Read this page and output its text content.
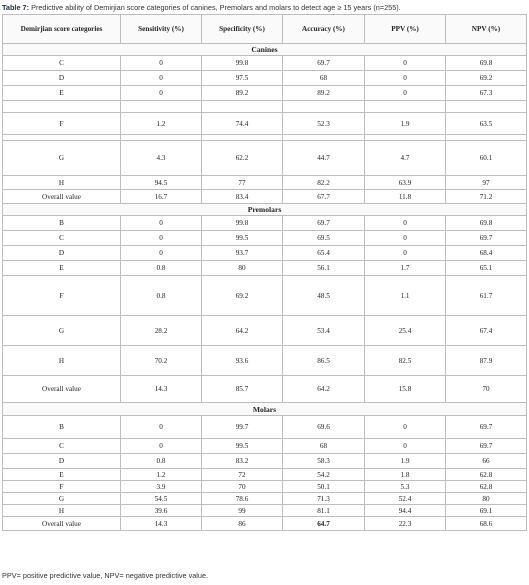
Table 7: Predictive ability of Demirjian score categories of canines, Premolars and molars to detect age ≥ 15 years (n=255).
Demirjian score categories	Sensitivity (%)	Specificity (%)	Accuracy (%)	PPV (%)	NPV (%)
Canines					
C	0	99.8	69.7	0	69.8
D	0	97.5	68	0	69.2
E	0	89.2	89.2	0	67.3

F	1.2	74.4	52.3	1.9	63.5

G	4.3	62.2	44.7	4.7	60.1
H	94.5	77	82.2	63.9	97
Overall value	16.7	83.4	67.7	11.8	71.2
Premolars					
B	0	99.8	69.7	0	69.8
C	0	99.5	69.5	0	69.7
D	0	93.7	65.4	0	68.4
E	0.8	80	56.1	1.7	65.1
F	0.8	69.2	48.5	1.1	61.7
G	28.2	64.2	53.4	25.4	67.4
H	70.2	93.6	86.5	82.5	87.9
Overall value	14.3	85.7	64.2	15.8	70
Molars					
B	0	99.7	69.6	0	69.7
C	0	99.5	68	0	69.7
D	0.8	83.2	58.3	1.9	66
E	1.2	72	54.2	1.8	62.8
F	3.9	70	50.1	5.3	62.8
G	54.5	78.6	71.3	52.4	80
H	39.6	99	81.1	94.4	69.1
Overall value	14.3	86	64.7	22.3	68.6
PPV= positive predictive value, NPV= negative predictive value.
